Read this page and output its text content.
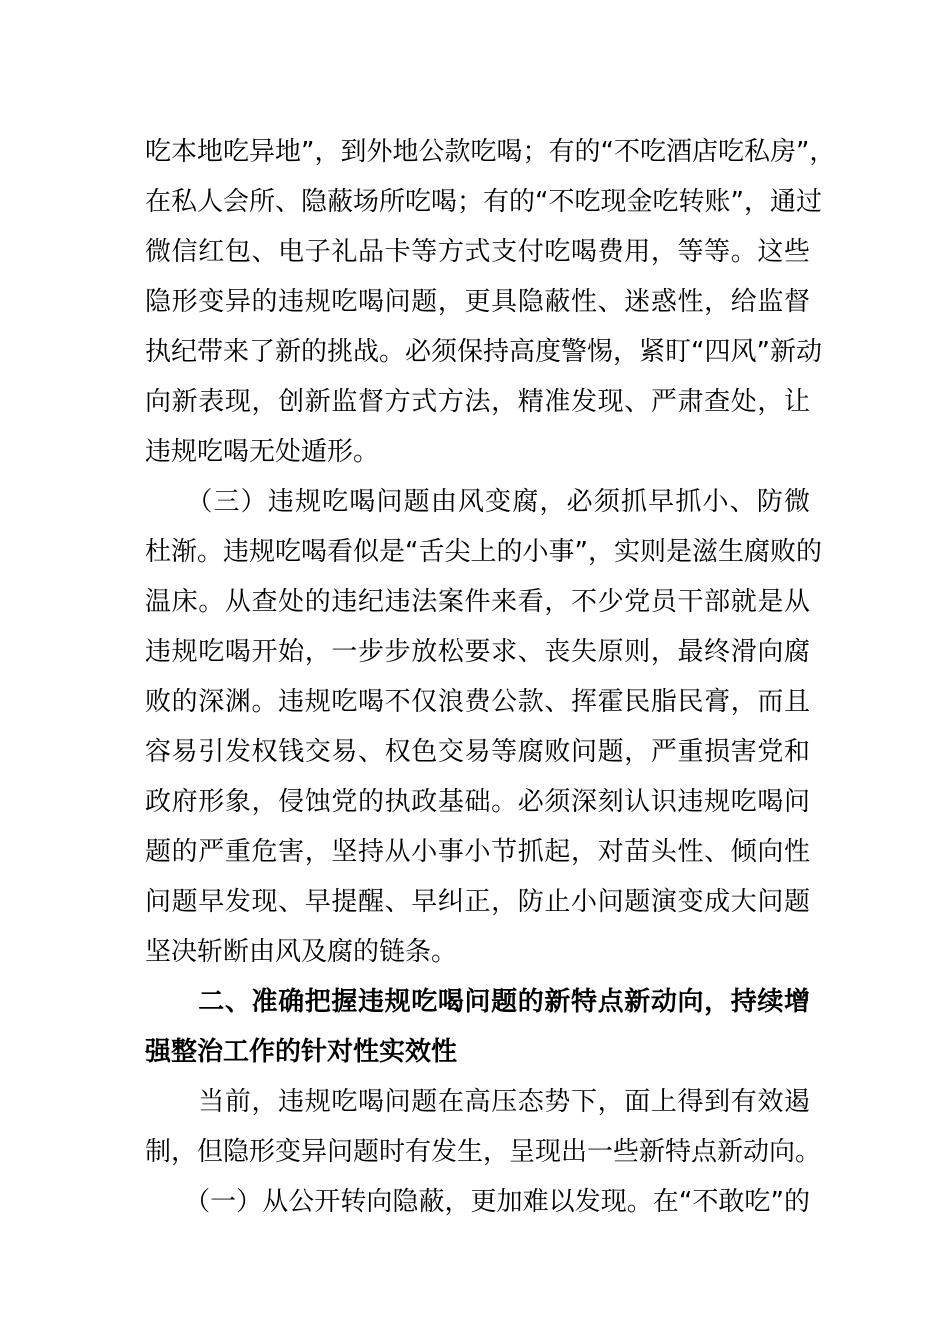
吃本地吃异地”，到外地公款吃喝；有的“不吃酒店吃私房”，
在私人会所、隐蔽场所吃喝；有的“不吃现金吃转账”，通过
微信红包、电子礼品卡等方式支付吃喝费用，等等。这些
隐形变异的违规吃喝问题，更具隐蔽性、迷惑性，给监督
执纪带来了新的挑战。必须保持高度警惕，紧盯“四风”新动
向新表现，创新监督方式方法，精准发现、严肃查处，让
违规吃喝无处遁形。
　　（三）违规吃喝问题由风变腐，必须抓早抓小、防微
杜渐。违规吃喝看似是“舌尖上的小事”，实则是滋生腐败的
温床。从查处的违纪违法案件来看，不少党员干部就是从
违规吃喝开始，一步步放松要求、丧失原则，最终滑向腐
败的深渊。违规吃喝不仅浪费公款、挥霍民脂民膏，而且
容易引发权钱交易、权色交易等腐败问题，严重损害党和
政府形象，侵蚀党的执政基础。必须深刻认识违规吃喝问
题的严重危害，坚持从小事小节抓起，对苗头性、倾向性
问题早发现、早提醒、早纠正，防止小问题演变成大问题
坚决斩断由风及腐的链条。
　　二、准确把握违规吃喝问题的新特点新动向，持续增
强整治工作的针对性实效性
　　当前，违规吃喝问题在高压态势下，面上得到有效遏
制，但隐形变异问题时有发生，呈现出一些新特点新动向。
　　（一）从公开转向隐蔽，更加难以发现。在“不敢吃”的
